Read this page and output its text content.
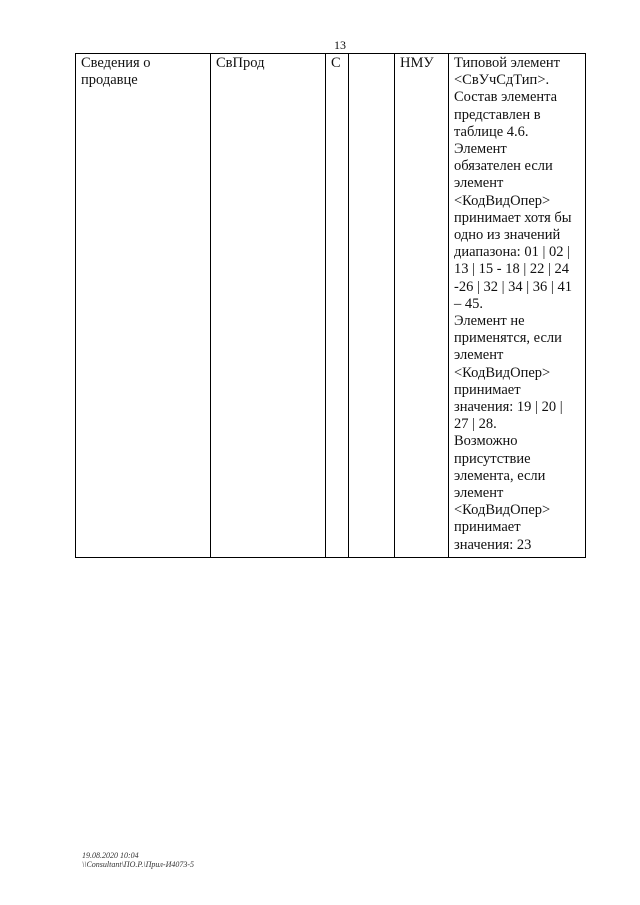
13
Сведения о продавце	СвПрод	С		НМУ	Типовой элемент
<СвУчСдТип>.
Состав элемента
представлен в
таблице 4.6.
Элемент
обязателен если
элемент
<КодВидОпер>
принимает хотя бы
одно из значений
диапазона: 01 | 02 |
13 | 15 - 18 | 22 | 24
-26 | 32 | 34 | 36 | 41
– 45.
Элемент не
применятся, если
элемент
<КодВидОпер>
принимает
значения: 19 | 20 |
27 | 28.
Возможно
присутствие
элемента, если
элемент
<КодВидОпер>
принимает
значения: 23
19.08.2020 10:04
\\Consultant\ПО.Р.\Прил-И4073-5
